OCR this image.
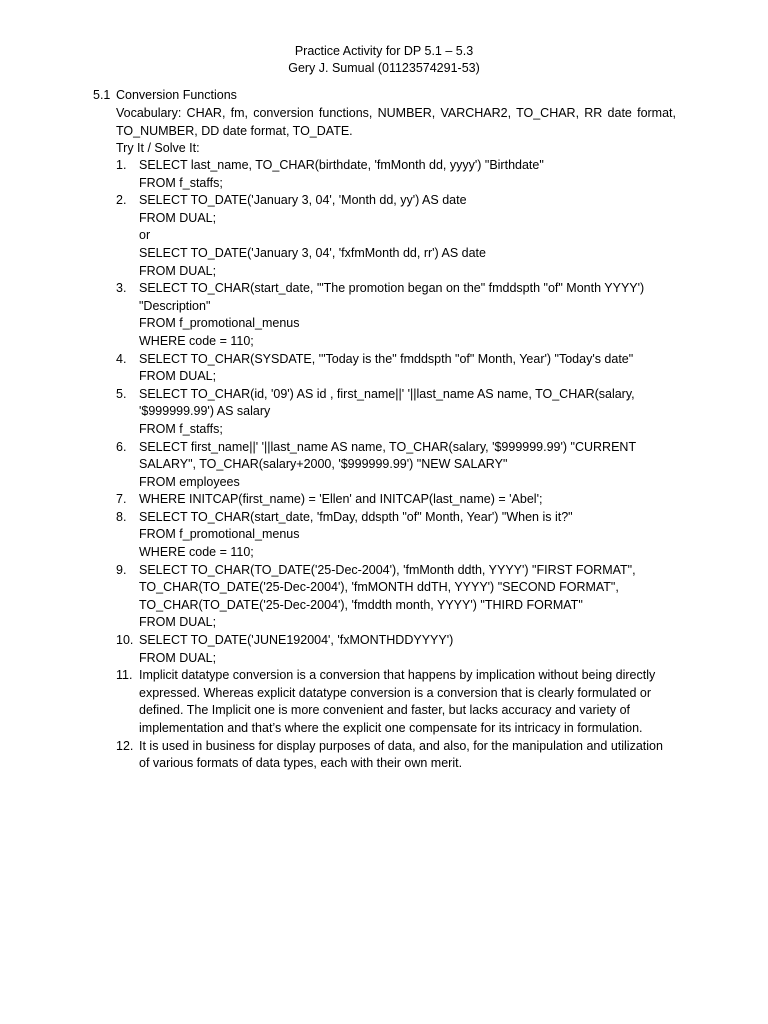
Practice Activity for DP 5.1 – 5.3
Gery J. Sumual (01123574291-53)
5.1 Conversion Functions
Vocabulary: CHAR, fm, conversion functions, NUMBER, VARCHAR2, TO_CHAR, RR date format, TO_NUMBER, DD date format, TO_DATE.
Try It / Solve It:
1.	SELECT last_name, TO_CHAR(birthdate, 'fmMonth dd, yyyy') "Birthdate"
FROM f_staffs;
2.	SELECT TO_DATE('January 3, 04', 'Month dd, yy') AS date
FROM DUAL;
or
SELECT TO_DATE('January 3, 04', 'fxfmMonth dd, rr') AS date
FROM DUAL;
3.	SELECT TO_CHAR(start_date, '"The promotion began on the" fmddspth "of" Month YYYY')
"Description"
FROM f_promotional_menus
WHERE code = 110;
4.	SELECT TO_CHAR(SYSDATE, '"Today is the" fmddspth "of" Month, Year') "Today's date"
FROM DUAL;
5.	SELECT TO_CHAR(id, '09') AS id , first_name||' '||last_name AS name, TO_CHAR(salary,
'$999999.99') AS salary
FROM f_staffs;
6.	SELECT first_name||' '||last_name AS name, TO_CHAR(salary, '$999999.99') "CURRENT
SALARY", TO_CHAR(salary+2000, '$999999.99') "NEW SALARY"
FROM employees
7.	WHERE INITCAP(first_name) = 'Ellen' and INITCAP(last_name) = 'Abel';
8.	SELECT TO_CHAR(start_date, 'fmDay, ddspth "of" Month, Year') "When is it?"
FROM f_promotional_menus
WHERE code = 110;
9.	SELECT TO_CHAR(TO_DATE('25-Dec-2004'), 'fmMonth ddth, YYYY') "FIRST FORMAT",
TO_CHAR(TO_DATE('25-Dec-2004'), 'fmMONTH ddTH, YYYY') "SECOND FORMAT",
TO_CHAR(TO_DATE('25-Dec-2004'), 'fmddth month, YYYY') "THIRD FORMAT"
FROM DUAL;
10. SELECT TO_DATE('JUNE192004', 'fxMONTHDDYYYY')
FROM DUAL;
11. Implicit datatype conversion is a conversion that happens by implication without being directly expressed. Whereas explicit datatype conversion is a conversion that is clearly formulated or defined. The Implicit one is more convenient and faster, but lacks accuracy and variety of implementation and that’s where the explicit one compensate for its intricacy in formulation.
12. It is used in business for display purposes of data, and also, for the manipulation and utilization of various formats of data types, each with their own merit.
